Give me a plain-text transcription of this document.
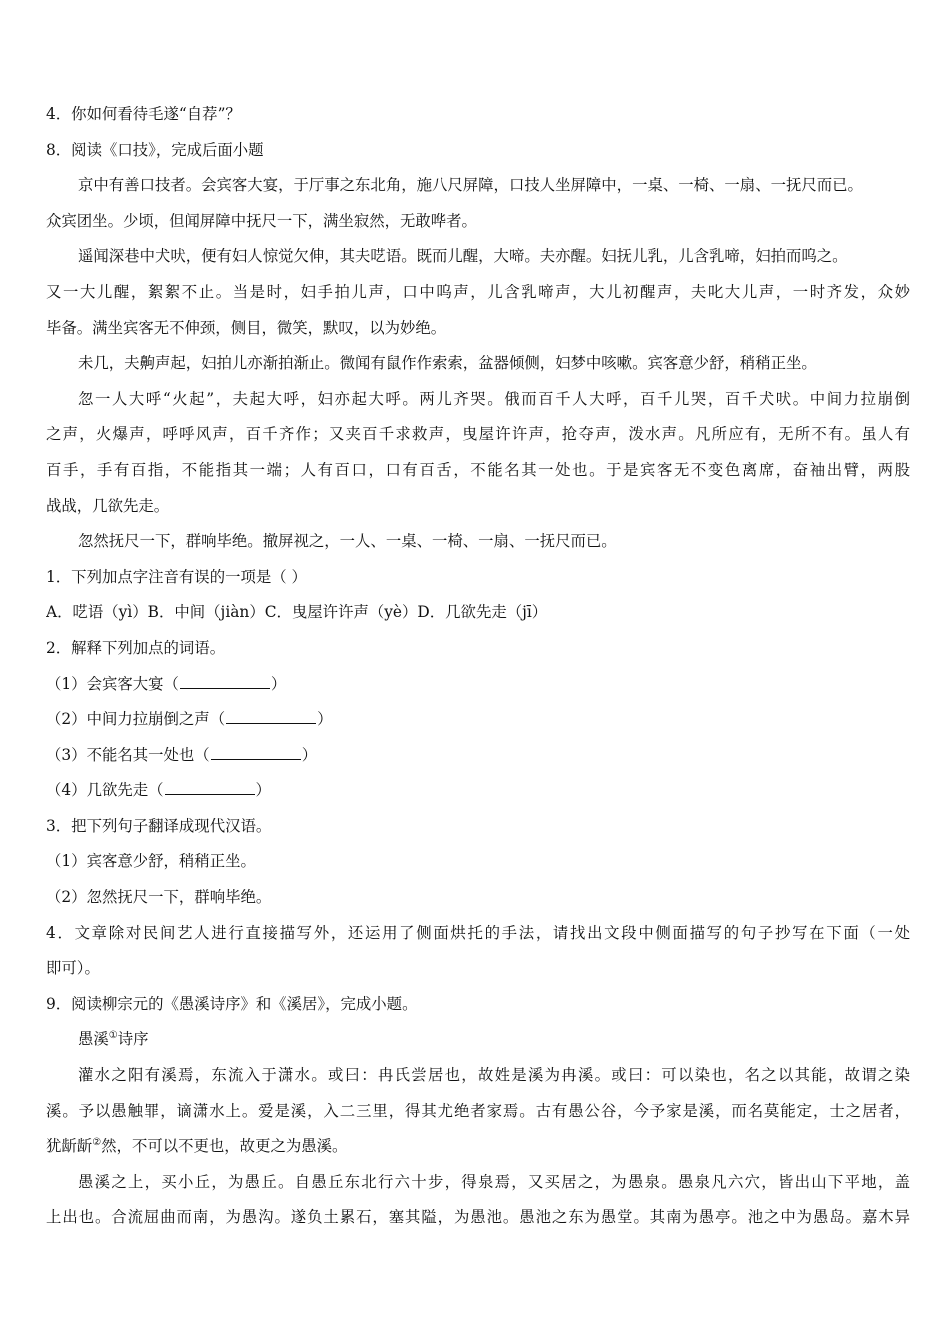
4．你如何看待毛遂“自荐”？
8．阅读《口技》，完成后面小题
京中有善口技者。会宾客大宴，于厅事之东北角，施八尺屏障，口技人坐屏障中，一桌、一椅、一扇、一抚尺而已。
众宾团坐。少顷，但闻屏障中抚尺一下，满坐寂然，无敢哗者。
遥闻深巷中犬吠，便有妇人惊觉欠伸，其夫呓语。既而儿醒，大啼。夫亦醒。妇抚儿乳，儿含乳啼，妇拍而呜之。
又一大儿醒，絮絮不止。当是时，妇手拍儿声，口中呜声，儿含乳啼声，大儿初醒声，夫叱大儿声，一时齐发，众妙
毕备。满坐宾客无不伸颈，侧目，微笑，默叹，以为妙绝。
未几，夫齁声起，妇拍儿亦渐拍渐止。微闻有鼠作作索索，盆器倾侧，妇梦中咳嗽。宾客意少舒，稍稍正坐。
忽一人大呼“火起”，夫起大呼，妇亦起大呼。两儿齐哭。俄而百千人大呼，百千儿哭，百千犬吠。中间力拉崩倒
之声，火爆声，呼呼风声，百千齐作；又夹百千求救声，曳屋许许声，抢夺声，泼水声。凡所应有，无所不有。虽人有
百手，手有百指，不能指其一端；人有百口，口有百舌，不能名其一处也。于是宾客无不变色离席，奋袖出臂，两股
战战，几欲先走。
忽然抚尺一下，群响毕绝。撤屏视之，一人、一桌、一椅、一扇、一抚尺而已。
1．下列加点字注音有误的一项是（ ）
A．呓语（yì）B．中间（jiàn）C．曳屋许许声（yè）D．几欲先走（jī）
2．解释下列加点的词语。
（1）会宾客大宴（	）
（2）中间力拉崩倒之声（	）
（3）不能名其一处也（	）
（4）几欲先走（	）
3．把下列句子翻译成现代汉语。
（1）宾客意少舒，稍稍正坐。
（2）忽然抚尺一下，群响毕绝。
4．文章除对民间艺人进行直接描写外，还运用了侧面烘托的手法，请找出文段中侧面描写的句子抄写在下面（一处
即可）。
9．阅读柳宗元的《愚溪诗序》和《溪居》，完成小题。
愚溪①诗序
灌水之阳有溪焉，东流入于潇水。或曰：冉氏尝居也，故姓是溪为冉溪。或曰：可以染也，名之以其能，故谓之染
溪。予以愚触罪，谪潇水上。爱是溪，入二三里，得其尤绝者家焉。古有愚公谷，今予家是溪，而名莫能定，士之居者，
犹龂龂②然，不可以不更也，故更之为愚溪。
愚溪之上，买小丘，为愚丘。自愚丘东北行六十步，得泉焉，又买居之，为愚泉。愚泉凡六穴，皆出山下平地，盖
上出也。合流屈曲而南，为愚沟。遂负土累石，塞其隘，为愚池。愚池之东为愚堂。其南为愚亭。池之中为愚岛。嘉木异
